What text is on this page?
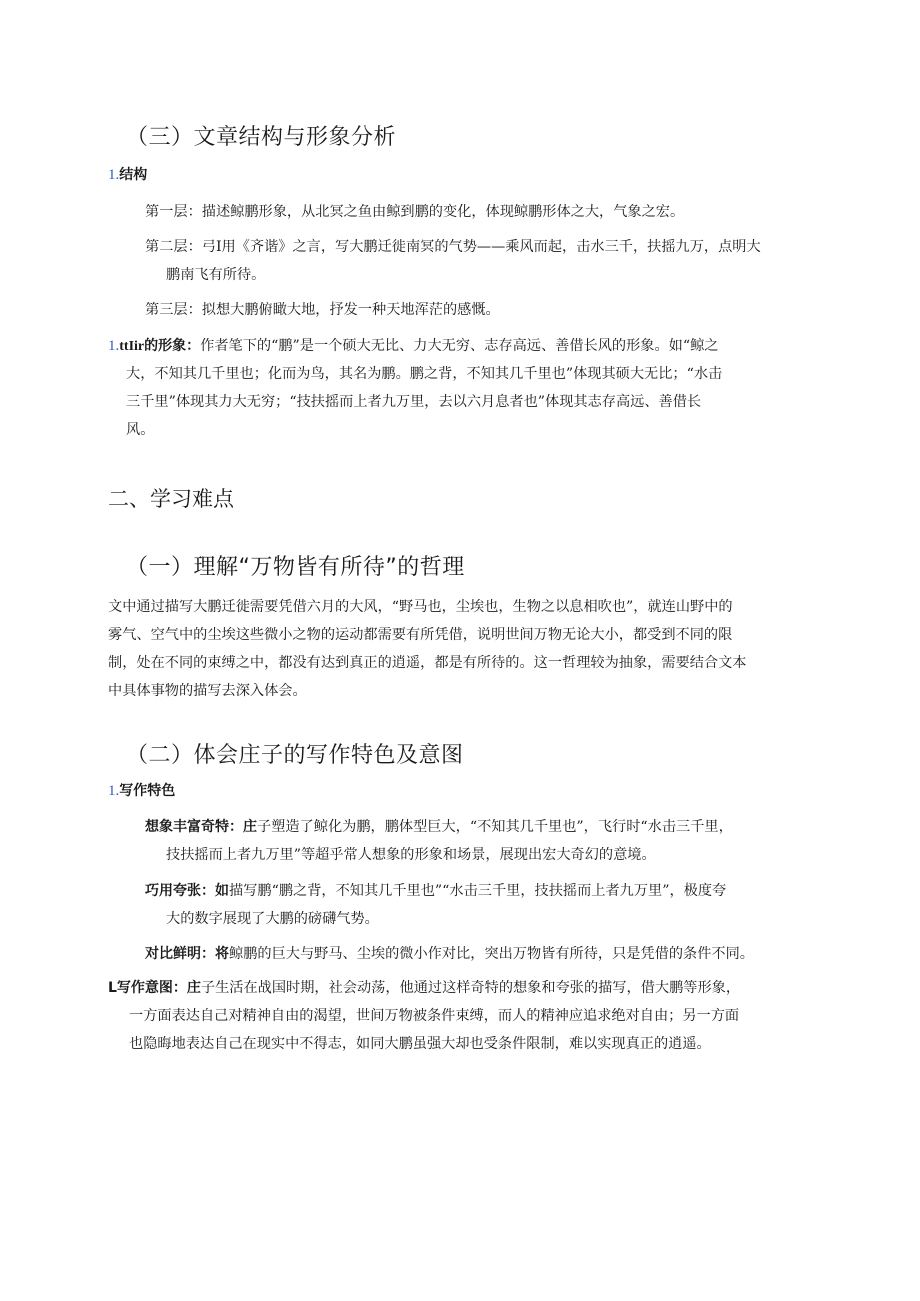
（三）文章结构与形象分析
1.结构
第一层：描述鲸鹏形象，从北冥之鱼由鲸到鹏的变化，体现鲸鹏形体之大，气象之宏。
第二层：弓I用《齐谐》之言，写大鹏迁徙南冥的气势——乘风而起，击水三千，扶摇九万，点明大
鹏南飞有所待。
第三层：拟想大鹏俯瞰大地，抒发一种天地浑茫的感慨。
1.ttIir的形象：作者笔下的“鹏”是一个硕大无比、力大无穷、志存高远、善借长风的形象。如“鲸之
大，不知其几千里也；化而为鸟，其名为鹏。鹏之背，不知其几千里也”体现其硕大无比；“水击
三千里”体现其力大无穷；“技扶摇而上者九万里，去以六月息者也”体现其志存高远、善借长
风。
二、学习难点
（一）理解“万物皆有所待”的哲理
文中通过描写大鹏迁徙需要凭借六月的大风，“野马也，尘埃也，生物之以息相吹也”，就连山野中的
雾气、空气中的尘埃这些微小之物的运动都需要有所凭借，说明世间万物无论大小，都受到不同的限
制，处在不同的束缚之中，都没有达到真正的逍遥，都是有所待的。这一哲理较为抽象，需要结合文本
中具体事物的描写去深入体会。
（二）体会庄子的写作特色及意图
1.写作特色
想象丰富奇特：庄子塑造了鲸化为鹏，鹏体型巨大，“不知其几千里也”，飞行时“水击三千里，
技扶摇而上者九万里”等超乎常人想象的形象和场景，展现出宏大奇幻的意境。
巧用夸张：如描写鹏“鹏之背，不知其几千里也”“水击三千里，技扶摇而上者九万里”，极度夸
大的数字展现了大鹏的磅礴气势。
对比鲜明：将鲸鹏的巨大与野马、尘埃的微小作对比，突出万物皆有所待，只是凭借的条件不同。
L写作意图：庄子生活在战国时期，社会动荡，他通过这样奇特的想象和夸张的描写，借大鹏等形象，
一方面表达自己对精神自由的渴望，世间万物被条件束缚，而人的精神应追求绝对自由；另一方面
也隐晦地表达自己在现实中不得志，如同大鹏虽强大却也受条件限制，难以实现真正的逍遥。
